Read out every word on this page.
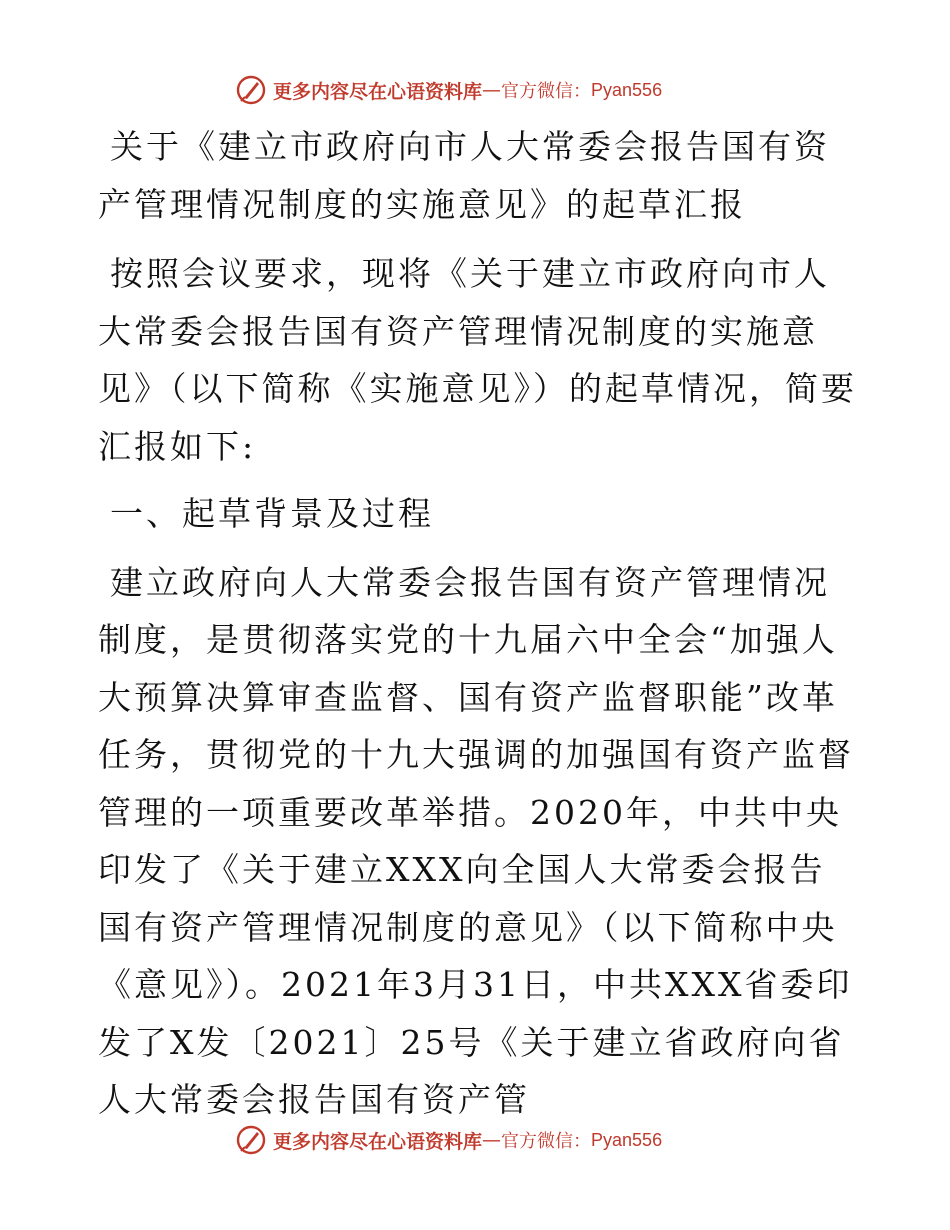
更多内容尽在心语资料库 — 官方微信： Pyan556

关于《建立市政府向市人大常委会报告国有资产管理情况制度的实施意见》的起草汇报

按照会议要求，现将《关于建立市政府向市人大常委会报告国有资产管理情况制度的实施意见》（以下简称《实施意见》）的起草情况，简要汇报如下:

一、起草背景及过程

建立政府向人大常委会报告国有资产管理情况制度，是贯彻落实党的十九届六中全会“加强人大预算决算审查监督、国有资产监督职能”改革任务，贯彻党的十九大强调的加强国有资产监督管理的一项重要改革举措。2020年，中共中央印发了《关于建立XXX向全国人大常委会报告国有资产管理情况制度的意见》（以下简称中央《意见》）。2021年3月31日，中共XXX省委印发了X发〔2021〕25号《关于建立省政府向省人大常委会报告国有资产管

更多内容尽在心语资料库 — 官方微信： Pyan556
